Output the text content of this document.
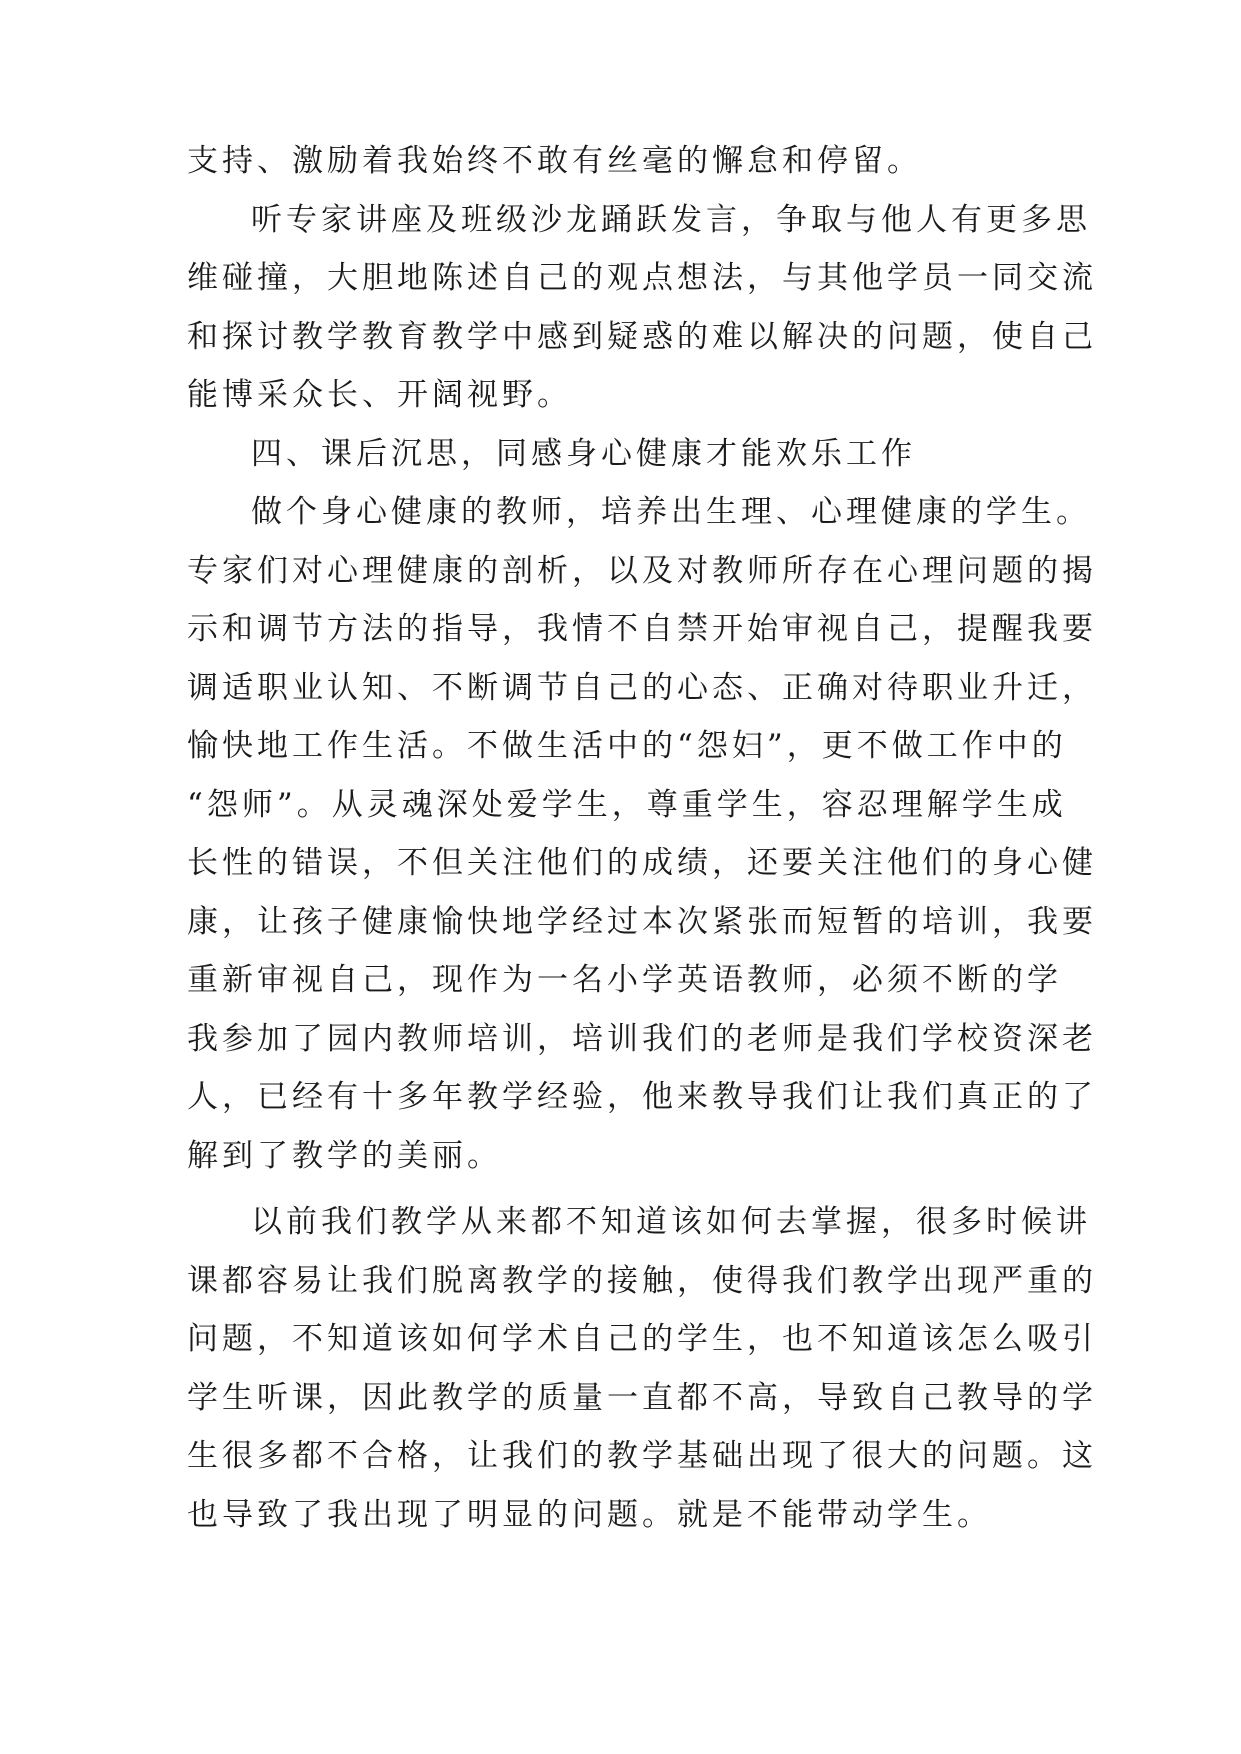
支持、激励着我始终不敢有丝毫的懈怠和停留。
听专家讲座及班级沙龙踊跃发言，争取与他人有更多思
维碰撞，大胆地陈述自己的观点想法，与其他学员一同交流
和探讨教学教育教学中感到疑惑的难以解决的问题，使自己
能博采众长、开阔视野。
四、课后沉思，同感身心健康才能欢乐工作
做个身心健康的教师，培养出生理、心理健康的学生。
专家们对心理健康的剖析，以及对教师所存在心理问题的揭
示和调节方法的指导，我情不自禁开始审视自己，提醒我要
调适职业认知、不断调节自己的心态、正确对待职业升迁，
愉快地工作生活。不做生活中的“怨妇”，更不做工作中的
“怨师”。从灵魂深处爱学生，尊重学生，容忍理解学生成
长性的错误，不但关注他们的成绩，还要关注他们的身心健
康，让孩子健康愉快地学经过本次紧张而短暂的培训，我要
重新审视自己，现作为一名小学英语教师，必须不断的学
我参加了园内教师培训，培训我们的老师是我们学校资深老
人，已经有十多年教学经验，他来教导我们让我们真正的了
解到了教学的美丽。
以前我们教学从来都不知道该如何去掌握，很多时候讲
课都容易让我们脱离教学的接触，使得我们教学出现严重的
问题，不知道该如何学术自己的学生，也不知道该怎么吸引
学生听课，因此教学的质量一直都不高，导致自己教导的学
生很多都不合格，让我们的教学基础出现了很大的问题。这
也导致了我出现了明显的问题。就是不能带动学生。
